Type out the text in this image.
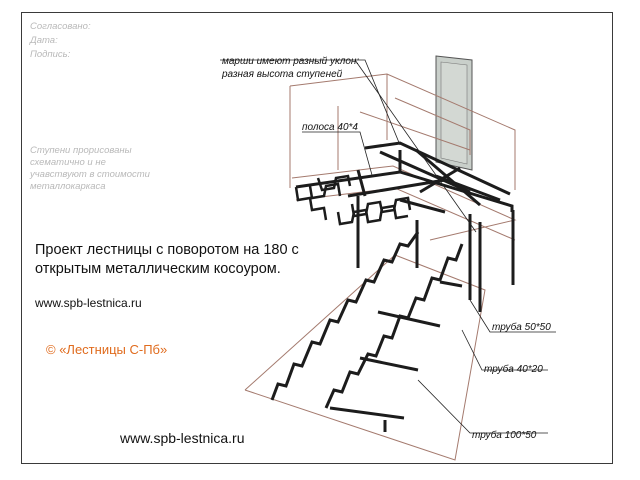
Согласовано:
Дата:
Подпись:
Ступени прорисованы схематично и не учавствуют в стоимости металлокаркаса
марши имеют разный уклон:
разная высота ступеней
полоса 40*4
труба 50*50
труба 40*20
труба 100*50
Проект лестницы с поворотом на 180 с открытым металлическим косоуром.
www.spb-lestnica.ru
© «Лестницы С-Пб»
www.spb-lestnica.ru
